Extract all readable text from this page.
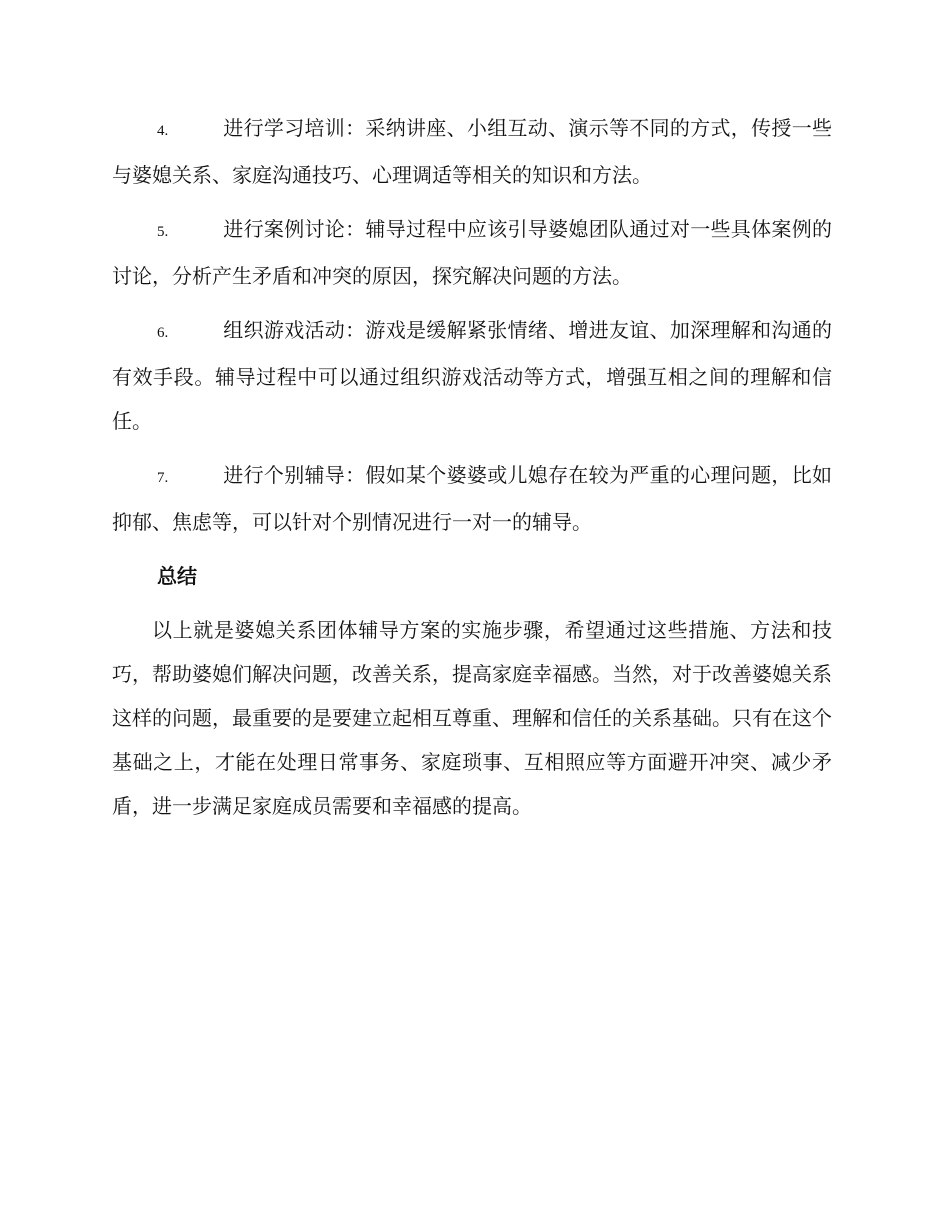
4.	进行学习培训：采纳讲座、小组互动、演示等不同的方式，传授一些与婆媳关系、家庭沟通技巧、心理调适等相关的知识和方法。

5.	进行案例讨论：辅导过程中应该引导婆媳团队通过对一些具体案例的讨论，分析产生矛盾和冲突的原因，探究解决问题的方法。

6.	组织游戏活动：游戏是缓解紧张情绪、增进友谊、加深理解和沟通的有效手段。辅导过程中可以通过组织游戏活动等方式，增强互相之间的理解和信任。

7.	进行个别辅导：假如某个婆婆或儿媳存在较为严重的心理问题，比如抑郁、焦虑等，可以针对个别情况进行一对一的辅导。

总结

以上就是婆媳关系团体辅导方案的实施步骤，希望通过这些措施、方法和技巧，帮助婆媳们解决问题，改善关系，提高家庭幸福感。当然，对于改善婆媳关系这样的问题，最重要的是要建立起相互尊重、理解和信任的关系基础。只有在这个基础之上，才能在处理日常事务、家庭琐事、互相照应等方面避开冲突、减少矛盾，进一步满足家庭成员需要和幸福感的提高。
